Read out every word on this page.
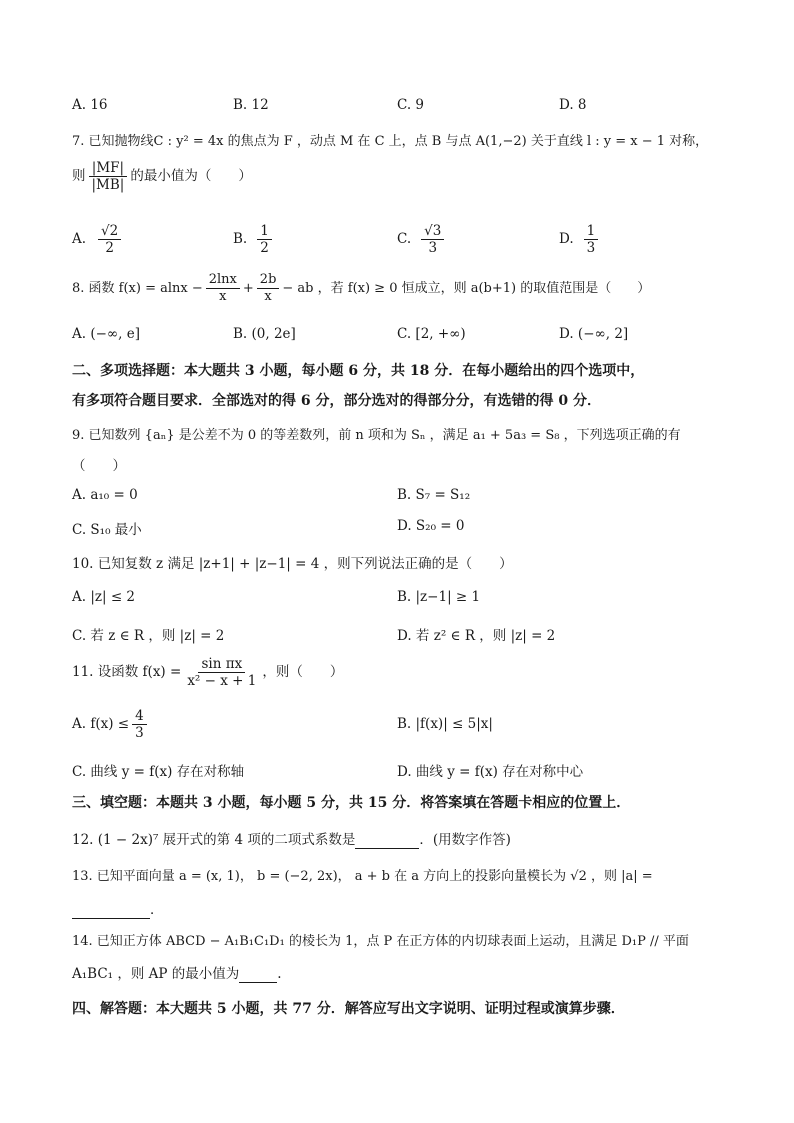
A. 16	B. 12	C. 9	D. 8
7. 已知抛物线C : y² = 4x 的焦点为 F ，动点 M 在 C 上，点 B 与点 A(1,−2) 关于直线 l : y = x − 1 对称，
则 $\frac{|MF|}{|MB|}$ 的最小值为（　　）
A. $\frac{√2}{2}$	B. $\frac{1}{2}$	C. $\frac{√3}{3}$	D. $\frac{1}{3}$
8. 函数 $f(x) = alnx - \frac{2\ln x}{x} + \frac{2b}{x}$ − ab ，若 f(x) ≥ 0 恒成立，则 a(b+1) 的取值范围是（　　）
A. (−∞, e]	B. (0, 2e]	C. [2, +∞)	D. (−∞, 2]
二、多项选择题：本大题共 3 小题，每小题 6 分，共 18 分．在每小题给出的四个选项中，
有多项符合题目要求．全部选对的得 6 分，部分选对的得部分分，有选错的得 0 分．
9. 已知数列 {aₙ} 是公差不为 0 的等差数列，前 n 项和为 Sₙ ，满足 a₁ + 5a₃ = S₈ ，下列选项正确的有
（　　）
A. a₁₀ = 0	B. S₇ = S₁₂
C. S₁₀ 最小	D. S₂₀ = 0
10. 已知复数 z 满足 |z+1| + |z−1| = 4 ，则下列说法正确的是（　　）
A. |z| ≤ 2	B. |z−1| ≥ 1
C. 若 z ∈ R ，则 |z| = 2	D. 若 z² ∈ R ，则 |z| = 2
11. 设函数 $f(x) = \frac{\text{sin πx}}{\text{x² − x + 1}}$ ，则（　　）
A. $f(x) \le \frac{4}{3}$	B. |f(x)| ≤ 5|x|
C. 曲线 y = f(x) 存在对称轴	D. 曲线 y = f(x) 存在对称中心
三、填空题：本题共 3 小题，每小题 5 分，共 15 分．将答案填在答题卡相应的位置上．
12. (1 − 2x)⁷ 展开式的第 4 项的二项式系数是	．(用数字作答)
13. 已知平面向量 a = (x, 1)， b = (−2, 2x)， a + b 在 a 方向上的投影向量模长为 √2 ，则 |a| =
．
14. 已知正方体 ABCD − A₁B₁C₁D₁ 的棱长为 1，点 P 在正方体的内切球表面上运动，且满足 D₁P // 平面
A₁BC₁ ，则 AP 的最小值为	.
四、解答题：本大题共 5 小题，共 77 分．解答应写出文字说明、证明过程或演算步骤．
